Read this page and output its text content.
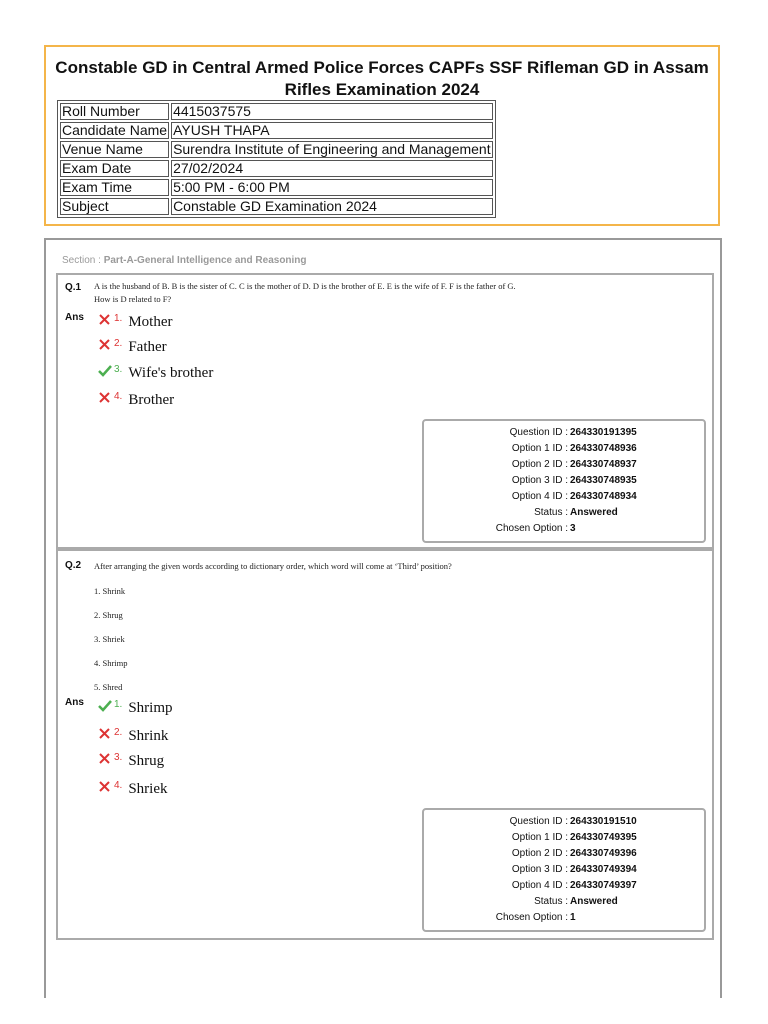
Constable GD in Central Armed Police Forces CAPFs SSF Rifleman GD in Assam Rifles Examination 2024
Roll Number	4415037575
Candidate Name	AYUSH THAPA
Venue Name	Surendra Institute of Engineering and Management
Exam Date	27/02/2024
Exam Time	5:00 PM - 6:00 PM
Subject	Constable GD Examination 2024
Section : Part-A-General Intelligence and Reasoning
Q.1 A is the husband of B. B is the sister of C. C is the mother of D. D is the brother of E. E is the wife of F. F is the father of G. How is D related to F?
Ans	1. Mother
2. Father
3. Wife's brother
4. Brother
Question ID : 264330191395
Option 1 ID : 264330748936
Option 2 ID : 264330748937
Option 3 ID : 264330748935
Option 4 ID : 264330748934
Status : Answered
Chosen Option : 3
Q.2 After arranging the given words according to dictionary order, which word will come at ‘Third’ position?
1. Shrink
2. Shrug
3. Shriek
4. Shrimp
5. Shred
Ans	1. Shrimp
2. Shrink
3. Shrug
4. Shriek
Question ID : 264330191510
Option 1 ID : 264330749395
Option 2 ID : 264330749396
Option 3 ID : 264330749394
Option 4 ID : 264330749397
Status : Answered
Chosen Option : 1
